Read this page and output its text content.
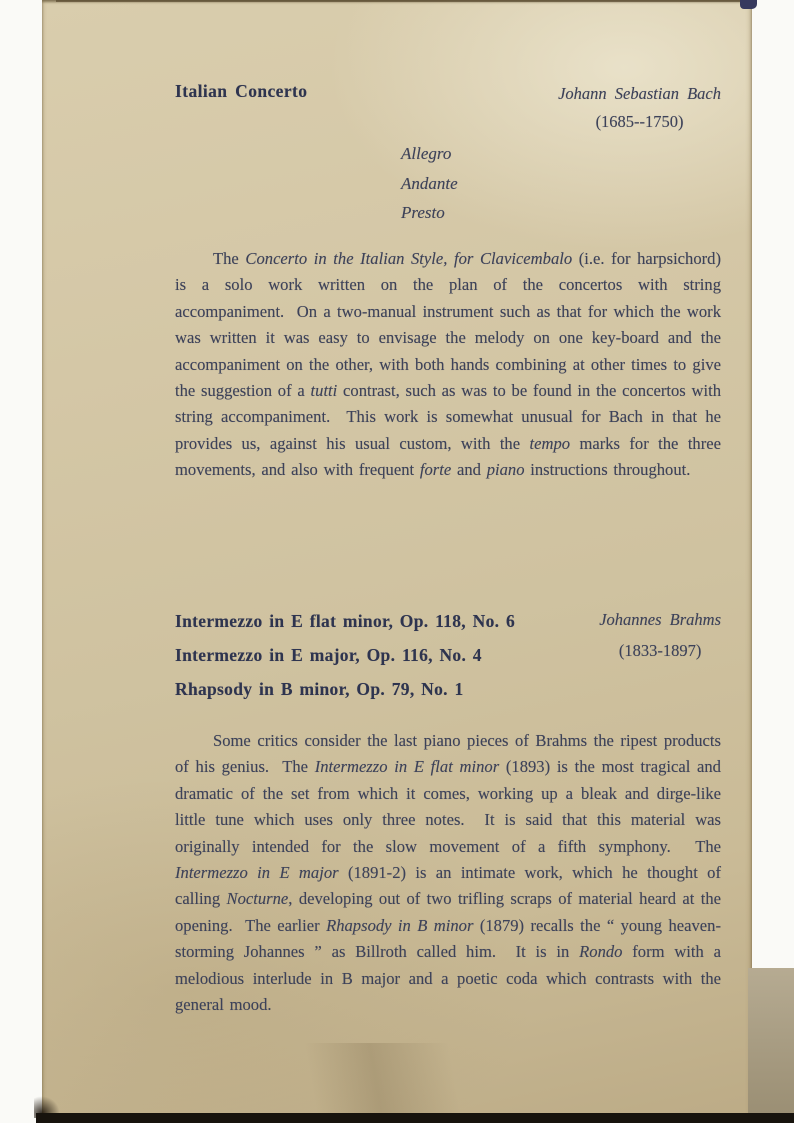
Italian Concerto	Johann Sebastian Bach
(1685--1750)
Allegro
Andante
Presto

The Concerto in the Italian Style, for Clavicembalo (i.e. for harpsichord) is a solo work written on the plan of the concertos with string accompaniment.  On a two-manual instrument such as that for which the work was written it was easy to envisage the melody on one key-board and the accompaniment on the other, with both hands combining at other times to give the suggestion of a tutti contrast, such as was to be found in the concertos with string accompaniment.  This work is somewhat unusual for Bach in that he provides us, against his usual custom, with the tempo marks for the three movements, and also with frequent forte and piano instructions throughout.

Intermezzo in E flat minor, Op. 118, No. 6
Intermezzo in E major, Op. 116, No. 4
Rhapsody in B minor, Op. 79, No. 1
Johannes Brahms
(1833-1897)

Some critics consider the last piano pieces of Brahms the ripest products of his genius.  The Intermezzo in E flat minor (1893) is the most tragical and dramatic of the set from which it comes, working up a bleak and dirge-like little tune which uses only three notes.  It is said that this material was originally intended for the slow movement of a fifth symphony.  The Intermezzo in E major (1891-2) is an intimate work, which he thought of calling Nocturne, developing out of two trifling scraps of material heard at the opening.  The earlier Rhapsody in B minor (1879) recalls the “ young heaven-storming Johannes ” as Billroth called him.  It is in Rondo form with a melodious interlude in B major and a poetic coda which contrasts with the general mood.
